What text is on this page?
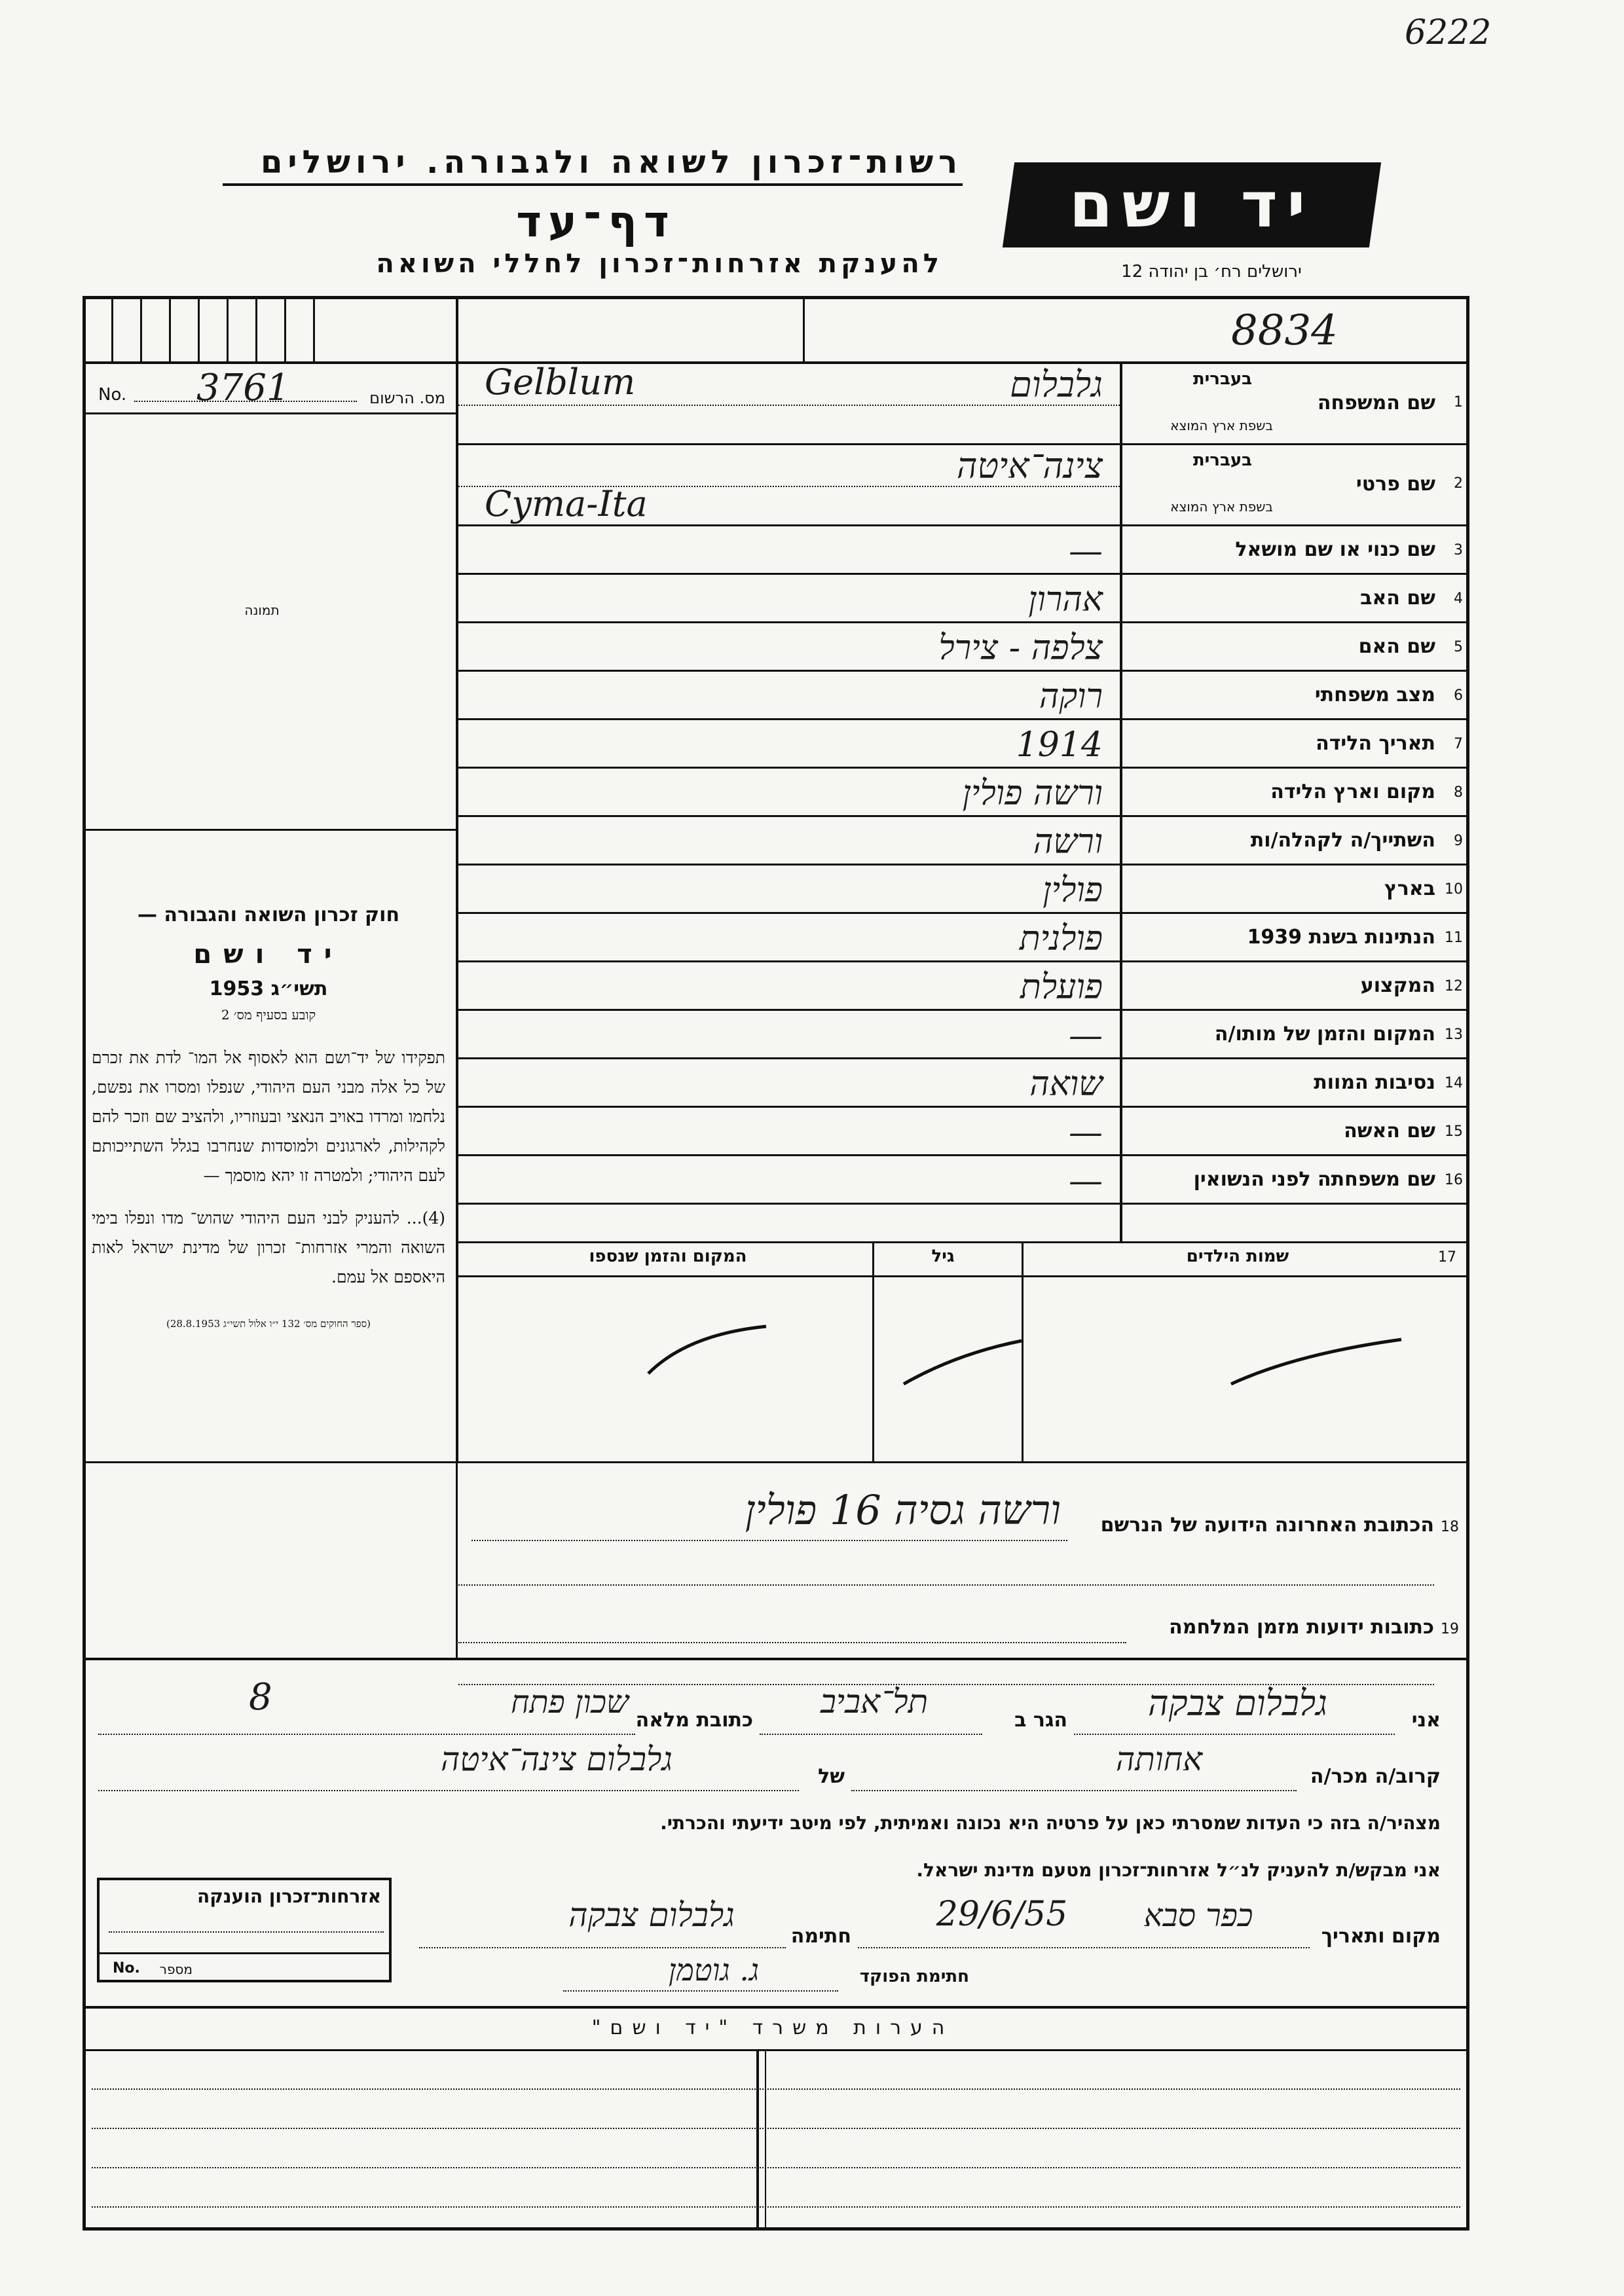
6222
רשות־זכרון לשואה ולגבורה. ירושלים
דף־עד
להענקת אזרחות־זכרון לחללי השואה
יד ושם
ירושלים רח׳ בן יהודה 12
8834
No. 3761	מס. הרשום
תמונה

חוק זכרון השואה והגבורה —

יד ושם

תשי״ג 1953

קובע בסעיף מס׳ 2

תפקידו של יד־ושם הוא לאסוף אל המו־ לדת את זכרם של כל אלה מבני העם היהודי, שנפלו ומסרו את נפשם, נלחמו ומרדו באויב הנאצי ובעוזריו, ולהציב שם וזכר להם לקהילות, לארגונים ולמוסדות שנחרבו בגלל השתייכותם לעם היהודי; ולמטרה זו יהא מוסמך —

(4)... להעניק לבני העם היהודי שהוש־ מדו ונפלו בימי השואה והמרי אזרחות־ זכרון של מדינת ישראל לאות היאספם אל עמם.

(ספר החוקים מס׳ 132 י״ו אלול תשי״ג 28.8.1953)

1
שם המשפחה
בעברית
בשפת ארץ המוצא
גלבלום
Gelblum
2
שם פרטי
בעברית
בשפת ארץ המוצא
צינה־איטה
Cyma-Ita
3
שם כנוי או שם מושאל
—
4
שם האב
אהרון
5
שם האם
צלפה - צירל
6
מצב משפחתי
רוקה
7
תאריך הלידה
1914
8
מקום וארץ הלידה
ורשה פולין
9
השתייך/ה לקהלה/ות
ורשה
10
בארץ
פולין
11
הנתינות בשנת 1939
פולנית
12
המקצוע
פועלת
13
המקום והזמן של מותו/ה
—
14
נסיבות המוות
שואה
15
שם האשה
—
16
שם משפחתה לפני הנשואין
—
17
שמות הילדים
גיל
המקום והזמן שנספו
18
הכתובת האחרונה הידועה של הנרשם
ורשה גסיה 16 פולין
19
כתובות ידועות מזמן המלחמה
אני
גלבלום צבקה
הגר ב
תל־אביב
כתובת מלאה
שכון פתח
8
קרוב/ה מכר/ה
אחותה
של
גלבלום צינה־איטה
מצהיר/ה בזה כי העדות שמסרתי כאן על פרטיה היא נכונה ואמיתית, לפי מיטב ידיעתי והכרתי.
אני מבקש/ת להעניק לנ״ל אזרחות־זכרון מטעם מדינת ישראל.
מקום ותאריך
כפר סבא
29/6/55
חתימה
גלבלום צבקה
חתימת הפוקד
ג. גוטמן
אזרחות־זכרון הוענקה
No. מספר
הערות משרד "יד ושם"
